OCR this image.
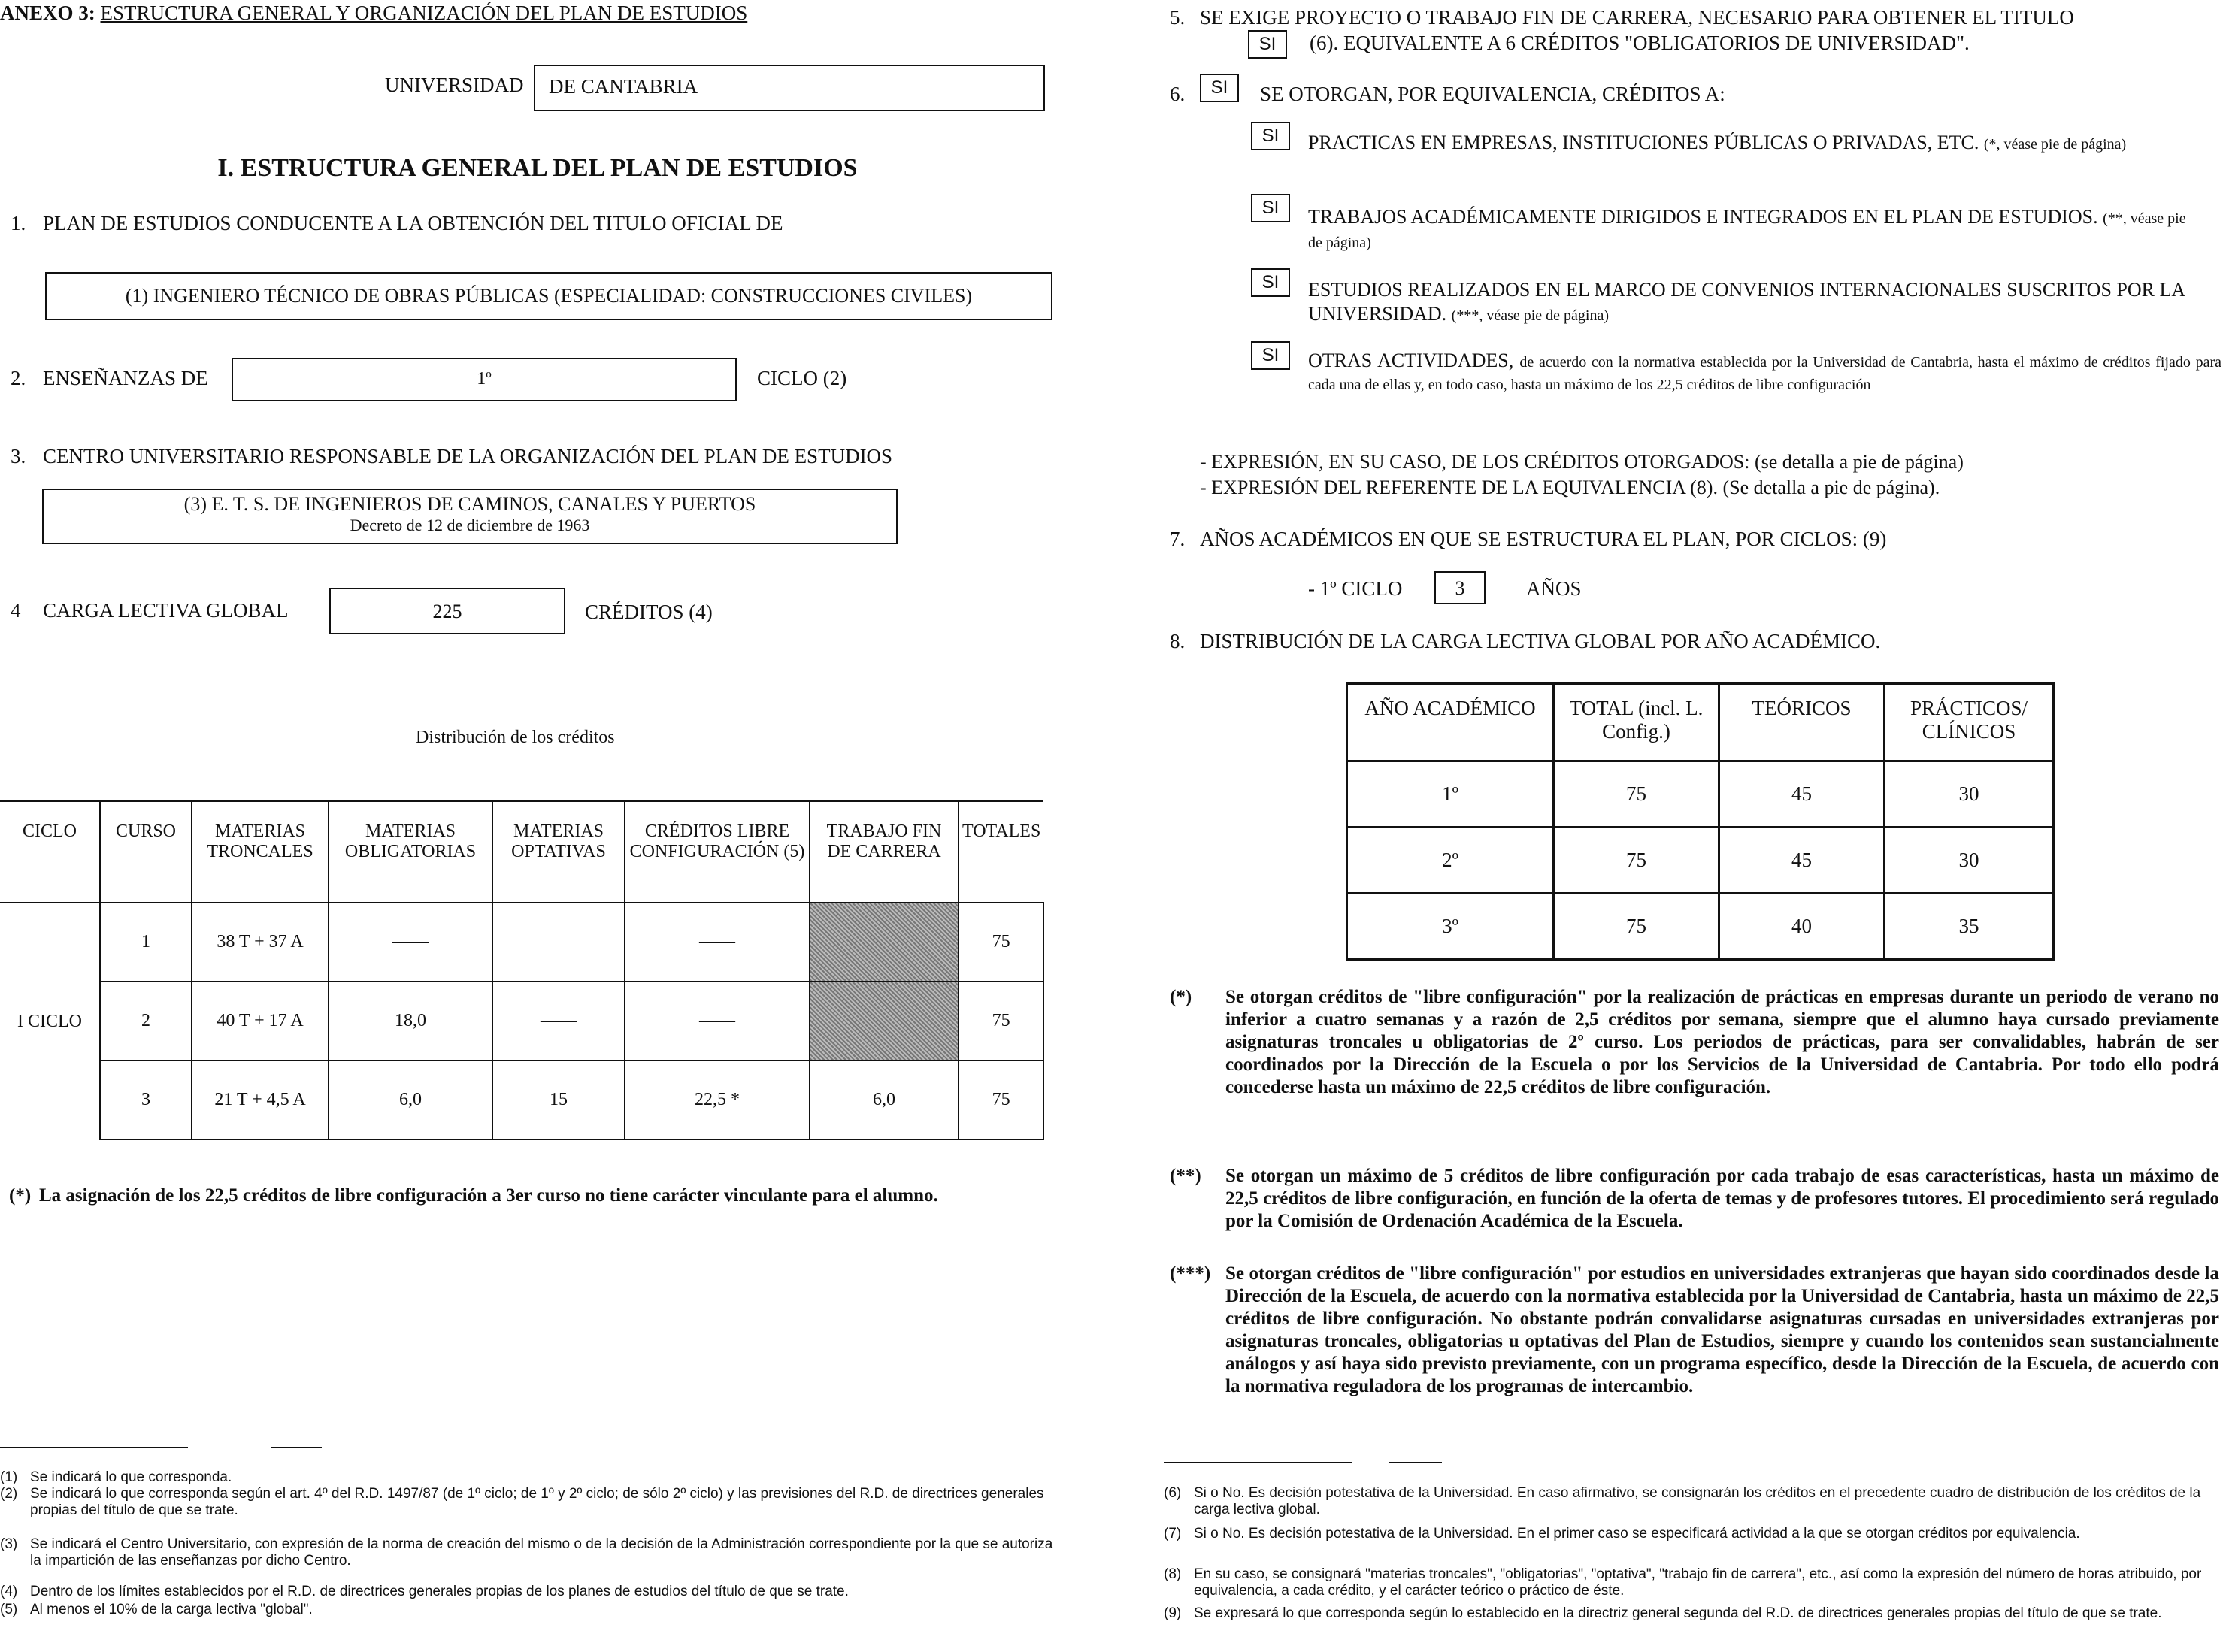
ANEXO 3: ESTRUCTURA GENERAL Y ORGANIZACIÓN DEL PLAN DE ESTUDIOS
UNIVERSIDAD	DE CANTABRIA
I. ESTRUCTURA GENERAL DEL PLAN DE ESTUDIOS
1. PLAN DE ESTUDIOS CONDUCENTE A LA OBTENCIÓN DEL TITULO OFICIAL DE
(1) INGENIERO TÉCNICO DE OBRAS PÚBLICAS (ESPECIALIDAD: CONSTRUCCIONES CIVILES)
2. ENSEÑANZAS DE	1º	CICLO (2)
3. CENTRO UNIVERSITARIO RESPONSABLE DE LA ORGANIZACIÓN DEL PLAN DE ESTUDIOS
(3) E. T. S. DE INGENIEROS DE CAMINOS, CANALES Y PUERTOS
Decreto de 12 de diciembre de 1963
4 CARGA LECTIVA GLOBAL	225	CRÉDITOS (4)
Distribución de los créditos
CICLO	CURSO	MATERIAS TRONCALES	MATERIAS OBLIGATORIAS	MATERIAS OPTATIVAS	CRÉDITOS LIBRE CONFIGURACIÓN (5)	TRABAJO FIN DE CARRERA	TOTALES
I CICLO	1	38 T + 37 A	——		——		75
	2	40 T + 17 A	18,0	——	——		75
	3	21 T + 4,5 A	6,0	15	22,5 *	6,0	75
(*) La asignación de los 22,5 créditos de libre configuración a 3er curso no tiene carácter vinculante para el alumno.
(1) Se indicará lo que corresponda.
(2) Se indicará lo que corresponda según el art. 4º del R.D. 1497/87 (de 1º ciclo; de 1º y 2º ciclo; de sólo 2º ciclo) y las previsiones del R.D. de directrices generales propias del título de que se trate.
(3) Se indicará el Centro Universitario, con expresión de la norma de creación del mismo o de la decisión de la Administración correspondiente por la que se autoriza la impartición de las enseñanzas por dicho Centro.
(4) Dentro de los límites establecidos por el R.D. de directrices generales propias de los planes de estudios del título de que se trate.
(5) Al menos el 10% de la carga lectiva "global".
5. SE EXIGE PROYECTO O TRABAJO FIN DE CARRERA, NECESARIO PARA OBTENER EL TITULO
SI	(6). EQUIVALENTE A 6 CRÉDITOS "OBLIGATORIOS DE UNIVERSIDAD".
6.	SI	SE OTORGAN, POR EQUIVALENCIA, CRÉDITOS A:
SI	PRACTICAS EN EMPRESAS, INSTITUCIONES PÚBLICAS O PRIVADAS, ETC. (*, véase pie de página)
SI	TRABAJOS ACADÉMICAMENTE DIRIGIDOS E INTEGRADOS EN EL PLAN DE ESTUDIOS. (**, véase pie de página)
SI	ESTUDIOS REALIZADOS EN EL MARCO DE CONVENIOS INTERNACIONALES SUSCRITOS POR LA UNIVERSIDAD. (***, véase pie de página)
SI	OTRAS ACTIVIDADES, de acuerdo con la normativa establecida por la Universidad de Cantabria, hasta el máximo de créditos fijado para cada una de ellas y, en todo caso, hasta un máximo de los 22,5 créditos de libre configuración
- EXPRESIÓN, EN SU CASO, DE LOS CRÉDITOS OTORGADOS: (se detalla a pie de página)
- EXPRESIÓN DEL REFERENTE DE LA EQUIVALENCIA (8). (Se detalla a pie de página).
7. AÑOS ACADÉMICOS EN QUE SE ESTRUCTURA EL PLAN, POR CICLOS: (9)
- 1º CICLO	3	AÑOS
8. DISTRIBUCIÓN DE LA CARGA LECTIVA GLOBAL POR AÑO ACADÉMICO.
AÑO ACADÉMICO	TOTAL (incl. L. Config.)	TEÓRICOS	PRÁCTICOS/ CLÍNICOS
1º	75	45	30
2º	75	45	30
3º	75	40	35
(*) Se otorgan créditos de "libre configuración" por la realización de prácticas en empresas durante un periodo de verano no inferior a cuatro semanas y a razón de 2,5 créditos por semana, siempre que el alumno haya cursado previamente asignaturas troncales u obligatorias de 2º curso. Los periodos de prácticas, para ser convalidables, habrán de ser coordinados por la Dirección de la Escuela o por los Servicios de la Universidad de Cantabria. Por todo ello podrá concederse hasta un máximo de 22,5 créditos de libre configuración.
(**) Se otorgan un máximo de 5 créditos de libre configuración por cada trabajo de esas características, hasta un máximo de 22,5 créditos de libre configuración, en función de la oferta de temas y de profesores tutores. El procedimiento será regulado por la Comisión de Ordenación Académica de la Escuela.
(***) Se otorgan créditos de "libre configuración" por estudios en universidades extranjeras que hayan sido coordinados desde la Dirección de la Escuela, de acuerdo con la normativa establecida por la Universidad de Cantabria, hasta un máximo de 22,5 créditos de libre configuración. No obstante podrán convalidarse asignaturas cursadas en universidades extranjeras por asignaturas troncales, obligatorias u optativas del Plan de Estudios, siempre y cuando los contenidos sean sustancialmente análogos y así haya sido previsto previamente, con un programa específico, desde la Dirección de la Escuela, de acuerdo con la normativa reguladora de los programas de intercambio.
(6) Si o No. Es decisión potestativa de la Universidad. En caso afirmativo, se consignarán los créditos en el precedente cuadro de distribución de los créditos de la carga lectiva global.
(7) Si o No. Es decisión potestativa de la Universidad. En el primer caso se especificará actividad a la que se otorgan créditos por equivalencia.
(8) En su caso, se consignará "materias troncales", "obligatorias", "optativa", "trabajo fin de carrera", etc., así como la expresión del número de horas atribuido, por equivalencia, a cada crédito, y el carácter teórico o práctico de éste.
(9) Se expresará lo que corresponda según lo establecido en la directriz general segunda del R.D. de directrices generales propias del título de que se trate.
